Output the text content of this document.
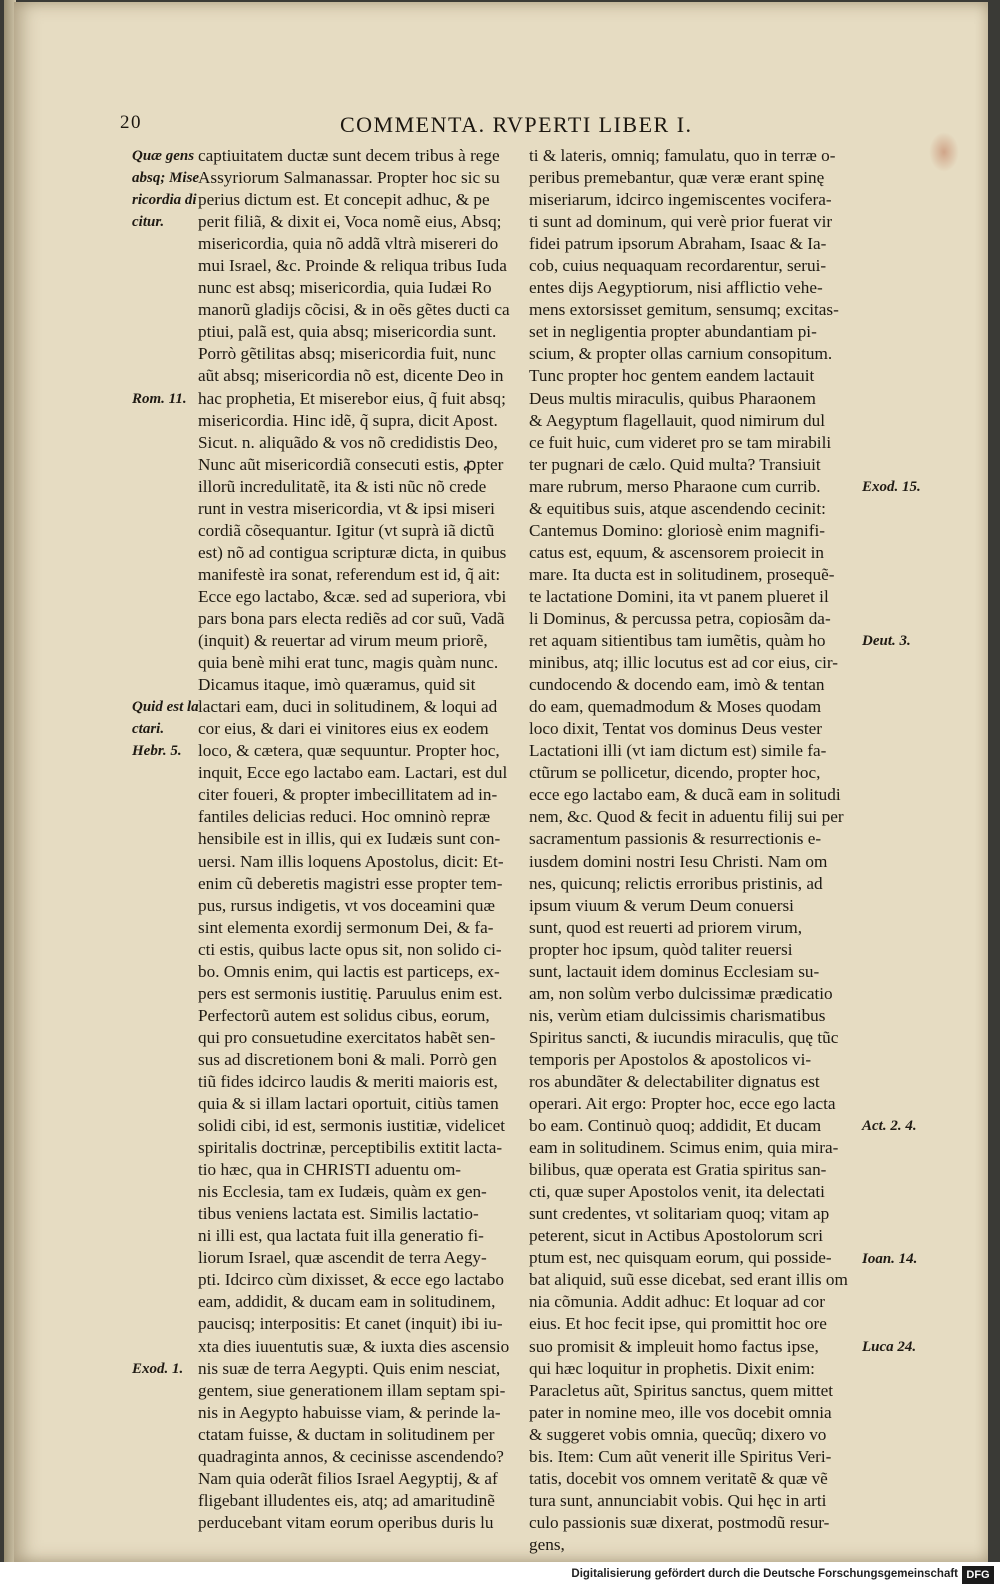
20	COMMENTA. RVPERTI LIBER I.
captiuitatem ductæ sunt decem tribus à rege
Assyriorum Salmanassar. Propter hoc sic su
perius dictum est. Et concepit adhuc, & pe
perit filiã, & dixit ei, Voca nomẽ eius, Absq;
misericordia, quia nõ addã vltrà misereri do
mui Israel, &c. Proinde & reliqua tribus Iuda
nunc est absq; misericordia, quia Iudæi Ro
manorũ gladijs cõcisi, & in oẽs gẽtes ducti ca
ptiui, palã est, quia absq; misericordia sunt.
Porrò gẽtilitas absq; misericordia fuit, nunc
aũt absq; misericordia nõ est, dicente Deo in
hac prophetia, Et miserebor eius, q̃ fuit absq;
misericordia. Hinc idẽ, q̃ supra, dicit Apost.
Sicut. n. aliquãdo & vos nõ credidistis Deo,
Nunc aũt misericordiã consecuti estis, ꝓpter
illorũ incredulitatẽ, ita & isti nũc nõ crede
runt in vestra misericordia, vt & ipsi miseri
cordiã cõsequantur. Igitur (vt suprà iã dictũ
est) nõ ad contigua scripturæ dicta, in quibus
manifestè ira sonat, referendum est id, q̃ ait:
Ecce ego lactabo, &cæ. sed ad superiora, vbi
pars bona pars electa rediẽs ad cor suũ, Vadã
(inquit) & reuertar ad virum meum priorẽ,
quia benè mihi erat tunc, magis quàm nunc.
Dicamus itaque, imò quæramus, quid sit
lactari eam, duci in solitudinem, & loqui ad
cor eius, & dari ei vinitores eius ex eodem
loco, & cætera, quæ sequuntur. Propter hoc,
inquit, Ecce ego lactabo eam. Lactari, est dul
citer foueri, & propter imbecillitatem ad in-
fantiles delicias reduci. Hoc omninò repræ
hensibile est in illis, qui ex Iudæis sunt con-
uersi. Nam illis loquens Apostolus, dicit: Et-
enim cũ deberetis magistri esse propter tem-
pus, rursus indigetis, vt vos doceamini quæ
sint elementa exordij sermonum Dei, & fa-
cti estis, quibus lacte opus sit, non solido ci-
bo. Omnis enim, qui lactis est particeps, ex-
pers est sermonis iustitię. Paruulus enim est.
Perfectorũ autem est solidus cibus, eorum,
qui pro consuetudine exercitatos habẽt sen-
sus ad discretionem boni & mali. Porrò gen
tiũ fides idcirco laudis & meriti maioris est,
quia & si illam lactari oportuit, citiùs tamen
solidi cibi, id est, sermonis iustitiæ, videlicet
spiritalis doctrinæ, perceptibilis extitit lacta-
tio hæc, qua in CHRISTI aduentu om-
nis Ecclesia, tam ex Iudæis, quàm ex gen-
tibus veniens lactata est. Similis lactatio-
ni illi est, qua lactata fuit illa generatio fi-
liorum Israel, quæ ascendit de terra Aegy-
pti. Idcirco cùm dixisset, & ecce ego lactabo
eam, addidit, & ducam eam in solitudinem,
paucisq; interpositis: Et canet (inquit) ibi iu-
xta dies iuuentutis suæ, & iuxta dies ascensio
nis suæ de terra Aegypti. Quis enim nesciat,
gentem, siue generationem illam septam spi-
nis in Aegypto habuisse viam, & perinde la-
ctatam fuisse, & ductam in solitudinem per
quadraginta annos, & cecinisse ascendendo?
Nam quia oderãt filios Israel Aegyptij, & af
fligebant illudentes eis, atq; ad amaritudinẽ
perducebant vitam eorum operibus duris lu
ti & lateris, omniq; famulatu, quo in terræ o-
peribus premebantur, quæ veræ erant spinę
miseriarum, idcirco ingemiscentes vocifera-
ti sunt ad dominum, qui verè prior fuerat vir
fidei patrum ipsorum Abraham, Isaac & Ia-
cob, cuius nequaquam recordarentur, serui-
entes dijs Aegyptiorum, nisi afflictio vehe-
mens extorsisset gemitum, sensumq; excitas-
set in negligentia propter abundantiam pi-
scium, & propter ollas carnium consopitum.
Tunc propter hoc gentem eandem lactauit
Deus multis miraculis, quibus Pharaonem
& Aegyptum flagellauit, quod nimirum dul
ce fuit huic, cum videret pro se tam mirabili
ter pugnari de cælo. Quid multa? Transiuit
mare rubrum, merso Pharaone cum currib.
& equitibus suis, atque ascendendo cecinit:
Cantemus Domino: gloriosè enim magnifi-
catus est, equum, & ascensorem proiecit in
mare. Ita ducta est in solitudinem, prosequẽ-
te lactatione Domini, ita vt panem plueret il
li Dominus, & percussa petra, copiosãm da-
ret aquam sitientibus tam iumẽtis, quàm ho
minibus, atq; illic locutus est ad cor eius, cir-
cundocendo & docendo eam, imò & tentan
do eam, quemadmodum & Moses quodam
loco dixit, Tentat vos dominus Deus vester
Lactationi illi (vt iam dictum est) simile fa-
ctũrum se pollicetur, dicendo, propter hoc,
ecce ego lactabo eam, & ducã eam in solitudi
nem, &c. Quod & fecit in aduentu filij sui per
sacramentum passionis & resurrectionis e-
iusdem domini nostri Iesu Christi. Nam om
nes, quicunq; relictis erroribus pristinis, ad
ipsum viuum & verum Deum conuersi
sunt, quod est reuerti ad priorem virum,
propter hoc ipsum, quòd taliter reuersi
sunt, lactauit idem dominus Ecclesiam su-
am, non solùm verbo dulcissimæ prædicatio
nis, verùm etiam dulcissimis charismatibus
Spiritus sancti, & iucundis miraculis, quę tũc
temporis per Apostolos & apostolicos vi-
ros abundãter & delectabiliter dignatus est
operari. Ait ergo: Propter hoc, ecce ego lacta
bo eam. Continuò quoq; addidit, Et ducam
eam in solitudinem. Scimus enim, quia mira-
bilibus, quæ operata est Gratia spiritus san-
cti, quæ super Apostolos venit, ita delectati
sunt credentes, vt solitariam quoq; vitam ap
peterent, sicut in Actibus Apostolorum scri
ptum est, nec quisquam eorum, qui posside-
bat aliquid, suũ esse dicebat, sed erant illis om
nia cõmunia. Addit adhuc: Et loquar ad cor
eius. Et hoc fecit ipse, qui promittit hoc ore
suo promisit & impleuit homo factus ipse,
qui hæc loquitur in prophetis. Dixit enim:
Paracletus aũt, Spiritus sanctus, quem mittet
pater in nomine meo, ille vos docebit omnia
& suggeret vobis omnia, quecũq; dixero vo
bis. Item: Cum aũt venerit ille Spiritus Veri-
tatis, docebit vos omnem veritatẽ & quæ vẽ
tura sunt, annunciabit vobis. Qui hęc in arti
culo passionis suæ dixerat, postmodũ resur-
gens,
Quæ gens
absq; Mise
ricordia di
citur.
Rom. 11.
Quid est la
ctari.
Hebr. 5.
Exod. 1.
Exod. 15.
Deut. 3.
Act. 2. 4.
Ioan. 14.
Luca 24.
Digitalisierung gefördert durch die Deutsche Forschungsgemeinschaft DFG
